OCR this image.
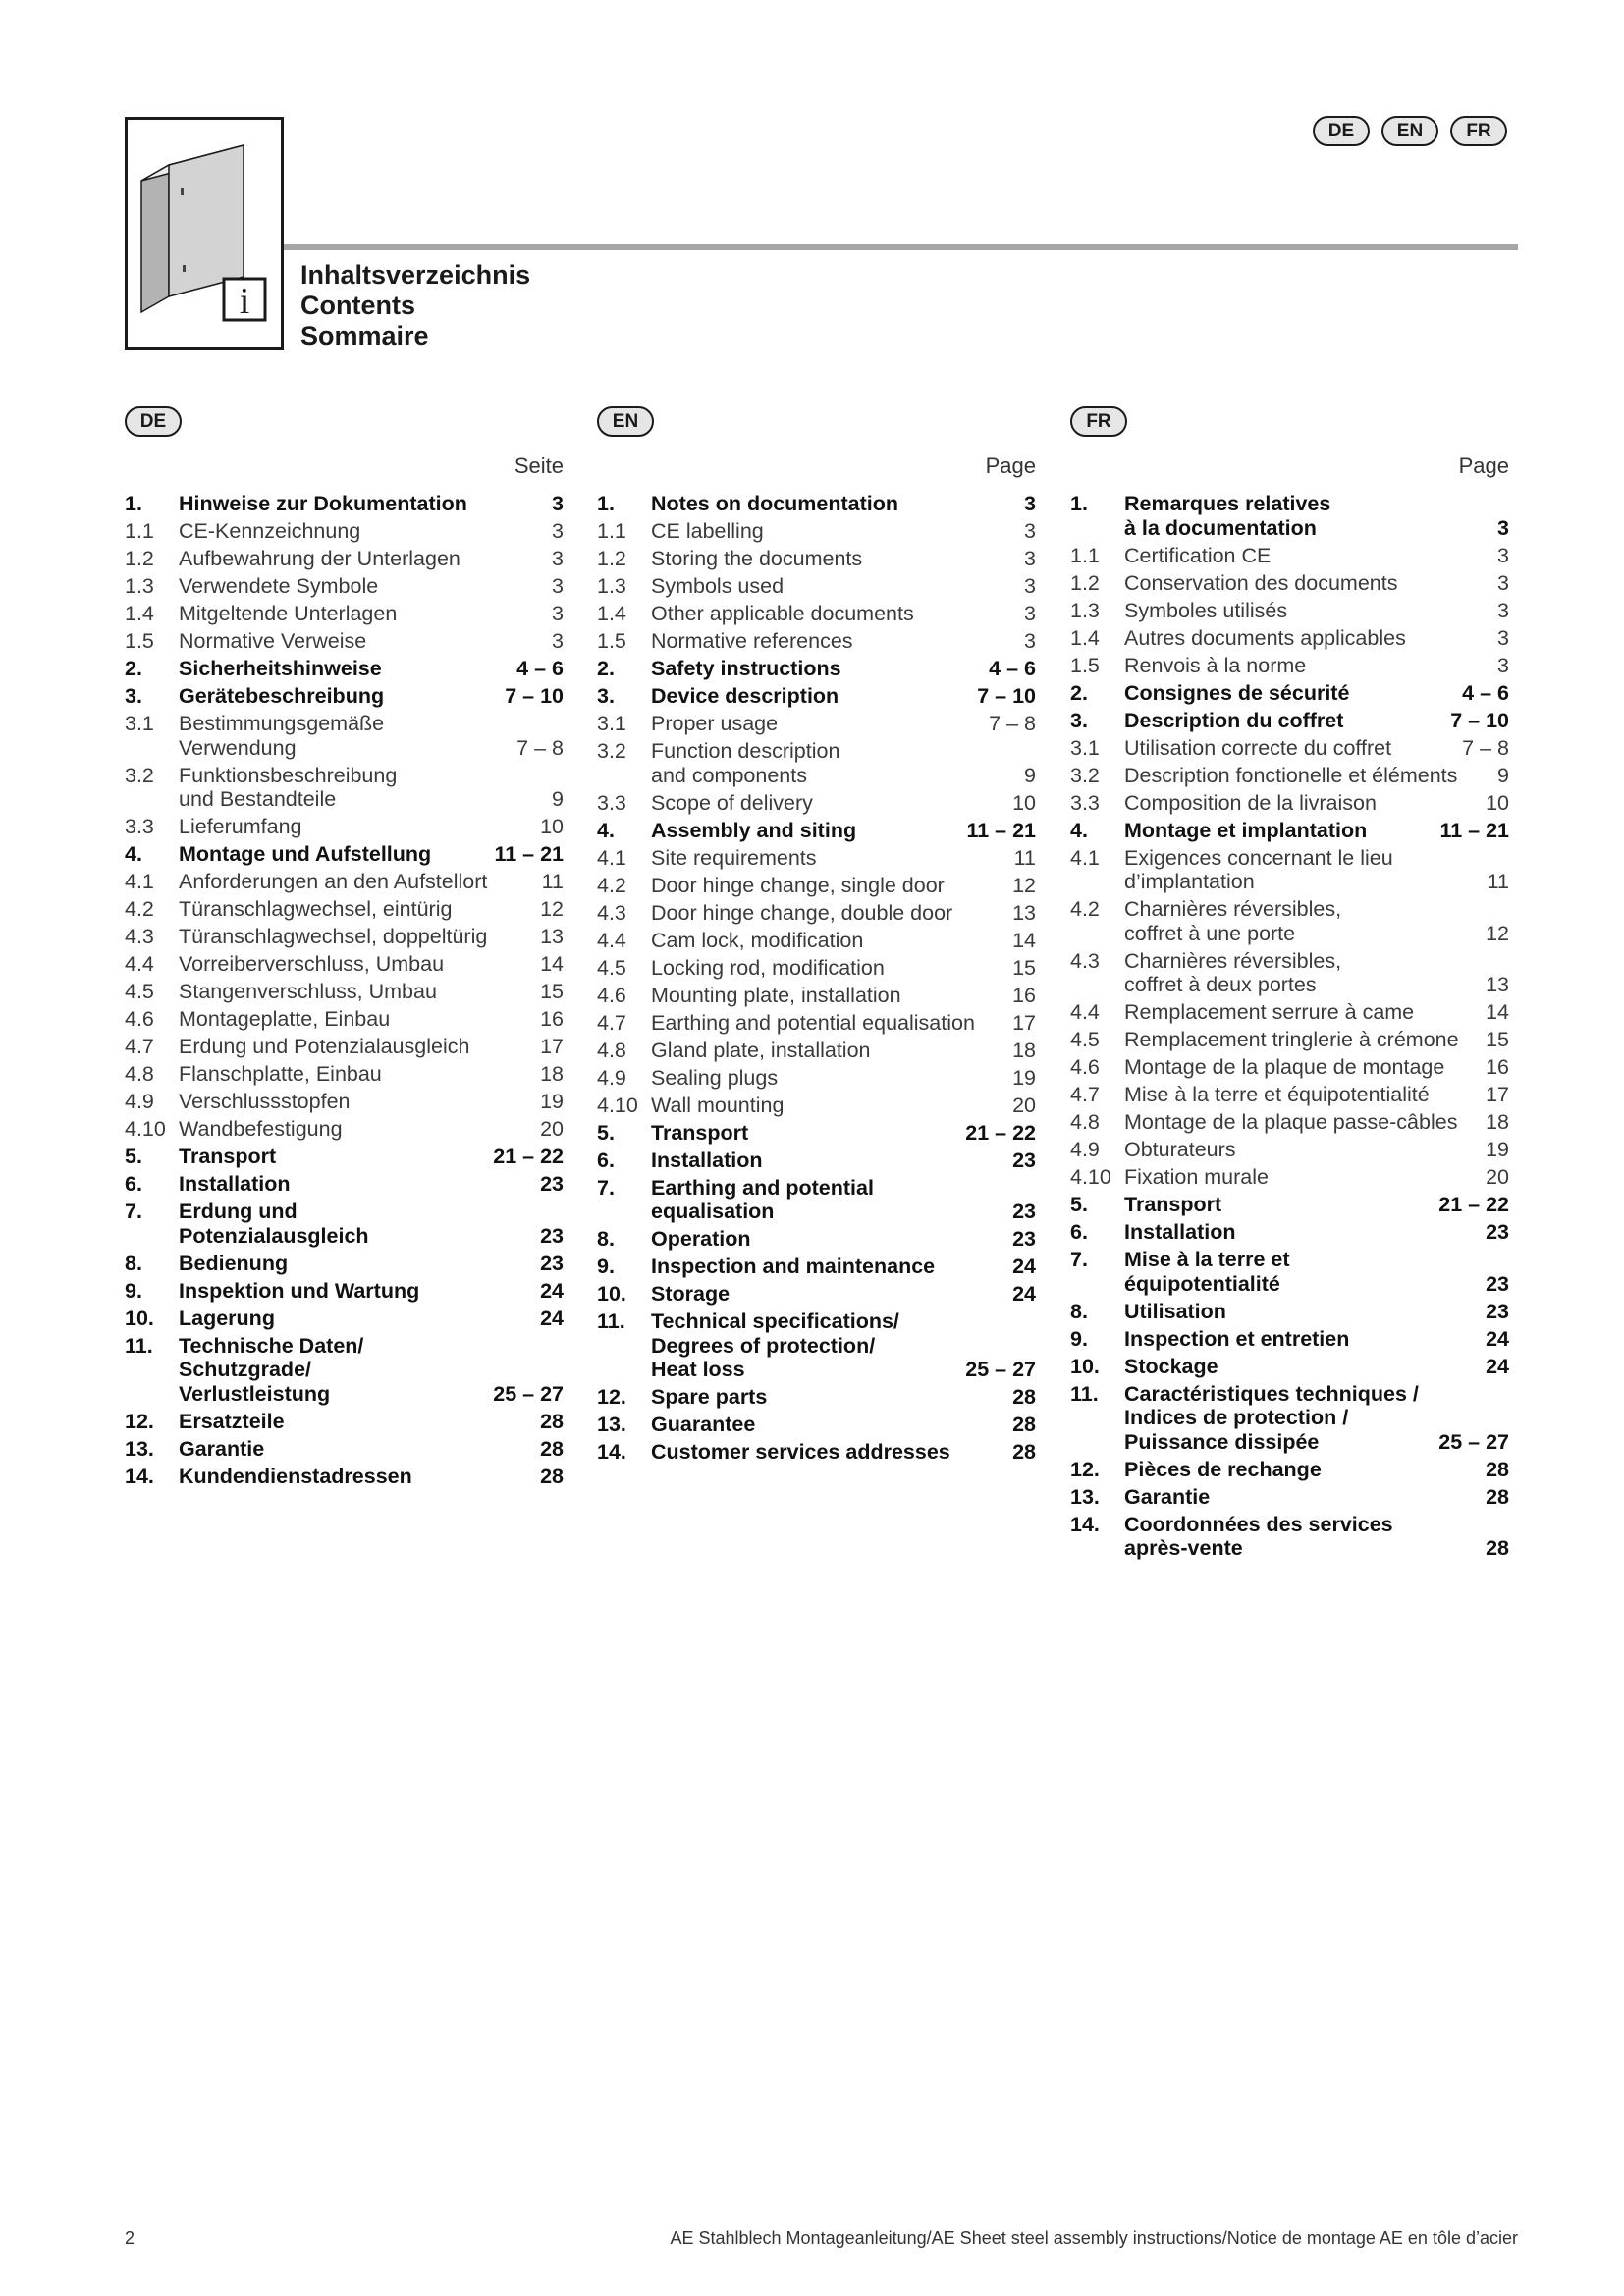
DE	EN	FR
i
Inhaltsverzeichnis
Contents
Sommaire
DE
Seite
1.	Hinweise zur Dokumentation	3
1.1	CE-Kennzeichnung	3
1.2	Aufbewahrung der Unterlagen	3
1.3	Verwendete Symbole	3
1.4	Mitgeltende Unterlagen	3
1.5	Normative Verweise	3
2.	Sicherheitshinweise	4 – 6
3.	Gerätebeschreibung	7 – 10
3.1	Bestimmungsgemäße
Verwendung	7 – 8
3.2	Funktionsbeschreibung
und Bestandteile	9
3.3	Lieferumfang	10
4.	Montage und Aufstellung	11 – 21
4.1	Anforderungen an den Aufstellort	11
4.2	Türanschlagwechsel, eintürig	12
4.3	Türanschlagwechsel, doppeltürig	13
4.4	Vorreiberverschluss, Umbau	14
4.5	Stangenverschluss, Umbau	15
4.6	Montageplatte, Einbau	16
4.7	Erdung und Potenzialausgleich	17
4.8	Flanschplatte, Einbau	18
4.9	Verschlussstopfen	19
4.10 Wandbefestigung	20
5.	Transport	21 – 22
6.	Installation	23
7.	Erdung und
Potenzialausgleich	23
8.	Bedienung	23
9.	Inspektion und Wartung	24
10.	Lagerung	24
11.	Technische Daten/
Schutzgrade/
Verlustleistung	25 – 27
12.	Ersatzteile	28
13.	Garantie	28
14.	Kundendienstadressen	28
EN
Page
1.	Notes on documentation	3
1.1	CE labelling	3
1.2	Storing the documents	3
1.3	Symbols used	3
1.4	Other applicable documents	3
1.5	Normative references	3
2.	Safety instructions	4 – 6
3.	Device description	7 – 10
3.1	Proper usage	7 – 8
3.2	Function description
and components	9
3.3	Scope of delivery	10
4.	Assembly and siting	11 – 21
4.1	Site requirements	11
4.2	Door hinge change, single door	12
4.3	Door hinge change, double door	13
4.4	Cam lock, modification	14
4.5	Locking rod, modification	15
4.6	Mounting plate, installation	16
4.7	Earthing and potential equalisation	17
4.8	Gland plate, installation	18
4.9	Sealing plugs	19
4.10 Wall mounting	20
5.	Transport	21 – 22
6.	Installation	23
7.	Earthing and potential
equalisation	23
8.	Operation	23
9.	Inspection and maintenance	24
10.	Storage	24
11.	Technical specifications/
Degrees of protection/
Heat loss	25 – 27
12.	Spare parts	28
13.	Guarantee	28
14.	Customer services addresses	28
FR
Page
1.	Remarques relatives
à la documentation	3
1.1	Certification CE	3
1.2	Conservation des documents	3
1.3	Symboles utilisés	3
1.4	Autres documents applicables	3
1.5	Renvois à la norme	3
2.	Consignes de sécurité	4 – 6
3.	Description du coffret	7 – 10
3.1	Utilisation correcte du coffret	7 – 8
3.2	Description fonctionelle et éléments	9
3.3	Composition de la livraison	10
4.	Montage et implantation	11 – 21
4.1	Exigences concernant le lieu
d’implantation	11
4.2	Charnières réversibles,
coffret à une porte	12
4.3	Charnières réversibles,
coffret à deux portes	13
4.4	Remplacement serrure à came	14
4.5	Remplacement tringlerie à crémone	15
4.6	Montage de la plaque de montage	16
4.7	Mise à la terre et équipotentialité	17
4.8	Montage de la plaque passe-câbles	18
4.9	Obturateurs	19
4.10 Fixation murale	20
5.	Transport	21 – 22
6.	Installation	23
7.	Mise à la terre et
équipotentialité	23
8.	Utilisation	23
9.	Inspection et entretien	24
10.	Stockage	24
11.	Caractéristiques techniques /
Indices de protection /
Puissance dissipée	25 – 27
12.	Pièces de rechange	28
13.	Garantie	28
14.	Coordonnées des services
après-vente	28
2	AE Stahlblech Montageanleitung/AE Sheet steel assembly instructions/Notice de montage AE en tôle d’acier
